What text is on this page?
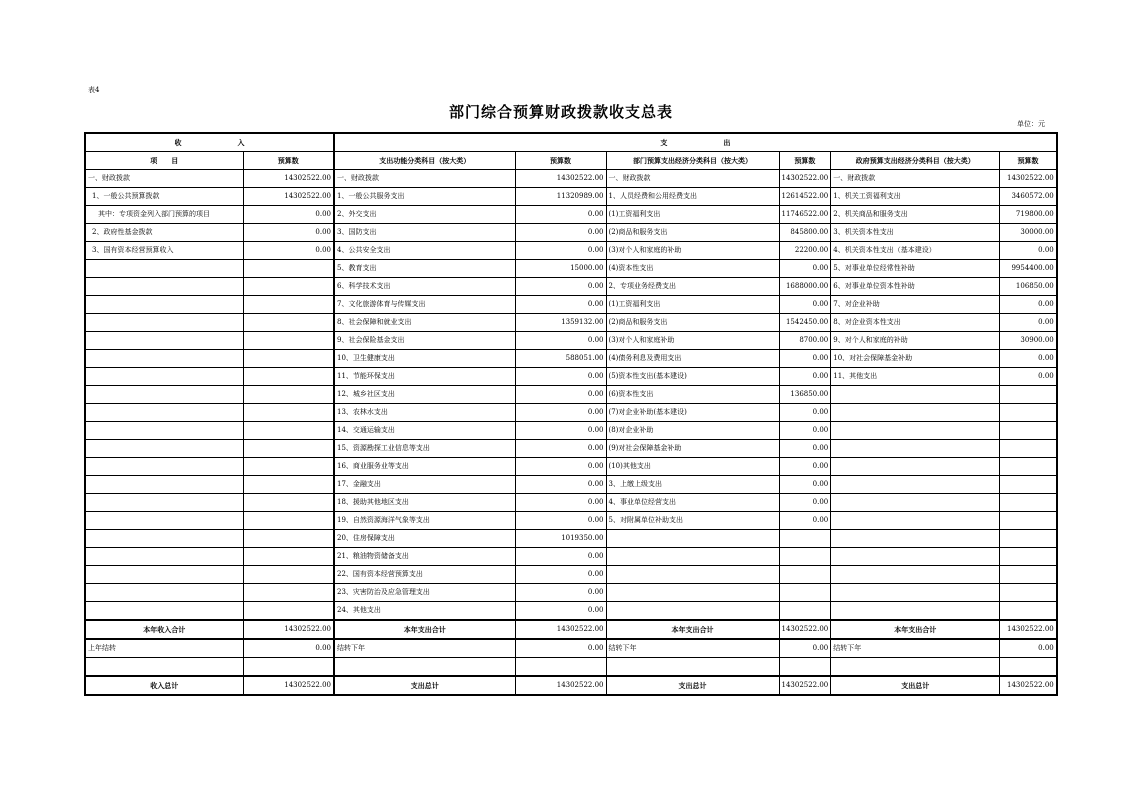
表4
部门综合预算财政拨款收支总表
单位：元
收　　　　　　　　入		支　　　　　　　　出					
项　　目	预算数	支出功能分类科目（按大类）	预算数	部门预算支出经济分类科目（按大类）	预算数	政府预算支出经济分类科目（按大类）	预算数
一、财政拨款	14302522.00	一、财政拨款	14302522.00	一、财政拨款	14302522.00	一、财政拨款	14302522.00
1、一般公共预算拨款	14302522.00	1、一般公共服务支出	11320989.00	1、人员经费和公用经费支出	12614522.00	1、机关工资福利支出	3460572.00
其中：专项资金列入部门预算的项目	0.00	2、外交支出	0.00	(1)工资福利支出	11746522.00	2、机关商品和服务支出	719800.00
2、政府性基金拨款	0.00	3、国防支出	0.00	(2)商品和服务支出	845800.00	3、机关资本性支出	30000.00
3、国有资本经营预算收入	0.00	4、公共安全支出	0.00	(3)对个人和家庭的补助	22200.00	4、机关资本性支出（基本建设）	0.00
		5、教育支出	15000.00	(4)资本性支出	0.00	5、对事业单位经常性补助	9954400.00
		6、科学技术支出	0.00	2、专项业务经费支出	1688000.00	6、对事业单位资本性补助	106850.00
		7、文化旅游体育与传媒支出	0.00	(1)工资福利支出	0.00	7、对企业补助	0.00
		8、社会保障和就业支出	1359132.00	(2)商品和服务支出	1542450.00	8、对企业资本性支出	0.00
		9、社会保险基金支出	0.00	(3)对个人和家庭补助	8700.00	9、对个人和家庭的补助	30900.00
		10、卫生健康支出	588051.00	(4)债务利息及费用支出	0.00	10、对社会保障基金补助	0.00
		11、节能环保支出	0.00	(5)资本性支出(基本建设)	0.00	11、其他支出	0.00
		12、城乡社区支出	0.00	(6)资本性支出	136850.00		
		13、农林水支出	0.00	(7)对企业补助(基本建设)	0.00		
		14、交通运输支出	0.00	(8)对企业补助	0.00		
		15、资源勘探工业信息等支出	0.00	(9)对社会保障基金补助	0.00		
		16、商业服务业等支出	0.00	(10)其他支出	0.00		
		17、金融支出	0.00	3、上缴上级支出	0.00		
		18、援助其他地区支出	0.00	4、事业单位经营支出	0.00		
		19、自然资源海洋气象等支出	0.00	5、对附属单位补助支出	0.00		
		20、住房保障支出	1019350.00				
		21、粮油物资储备支出	0.00				
		22、国有资本经营预算支出	0.00				
		23、灾害防治及应急管理支出	0.00				
		24、其他支出	0.00				
本年收入合计	14302522.00	本年支出合计	14302522.00	本年支出合计	14302522.00	本年支出合计	14302522.00
上年结转	0.00	结转下年	0.00	结转下年	0.00	结转下年	0.00

收入总计	14302522.00	支出总计	14302522.00	支出总计	14302522.00	支出总计	14302522.00
